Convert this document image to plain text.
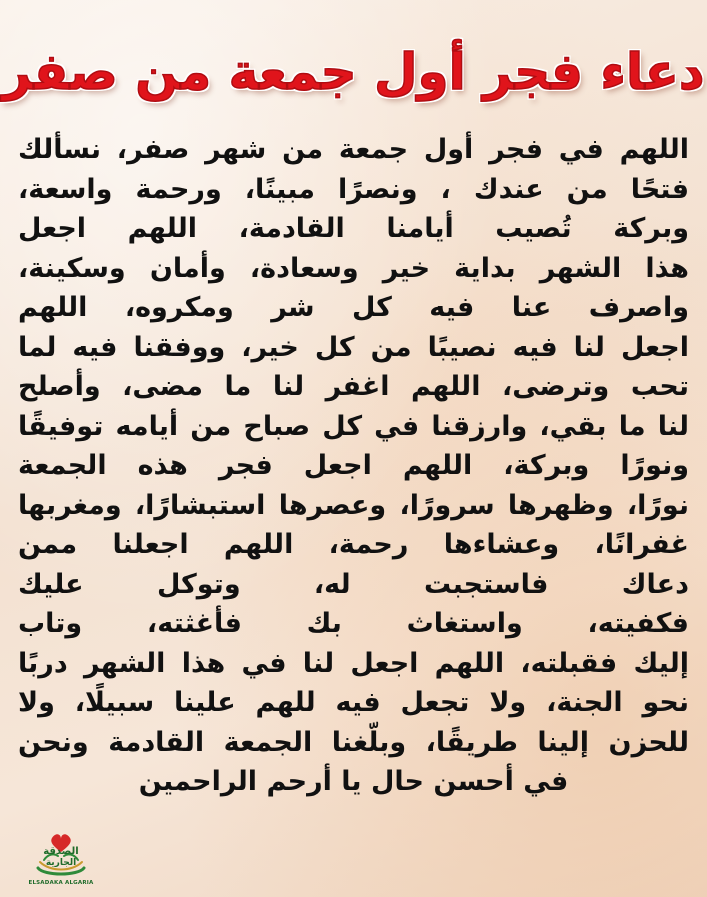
دعاء فجر أول جمعة من صفر
اللهم في فجر أول جمعة من شهر صفر، نسألك
فتحًا من عندك ، ونصرًا مبينًا، ورحمة واسعة،
وبركة تُصيب أيامنا القادمة، اللهم اجعل
هذا الشهر بداية خير وسعادة، وأمان وسكينة،
واصرف عنا فيه كل شر ومكروه، اللهم
اجعل لنا فيه نصيبًا من كل خير، ووفقنا فيه لما
تحب وترضى، اللهم اغفر لنا ما مضى، وأصلح
لنا ما بقي، وارزقنا في كل صباح من أيامه توفيقًا
ونورًا وبركة، اللهم اجعل فجر هذه الجمعة
نورًا، وظهرها سرورًا، وعصرها استبشارًا، ومغربها
غفرانًا، وعشاءها رحمة، اللهم اجعلنا ممن
دعاك فاستجبت له، وتوكل عليك
فكفيته، واستغاث بك فأغثته، وتاب
إليك فقبلته، اللهم اجعل لنا في هذا الشهر دربًا
نحو الجنة، ولا تجعل فيه للهم علينا سبيلًا، ولا
للحزن إلينا طريقًا، وبلّغنا الجمعة القادمة ونحن
في أحسن حال يا أرحم الراحمين
الصدقة
الجارية
ELSADAKA ALGARIA
